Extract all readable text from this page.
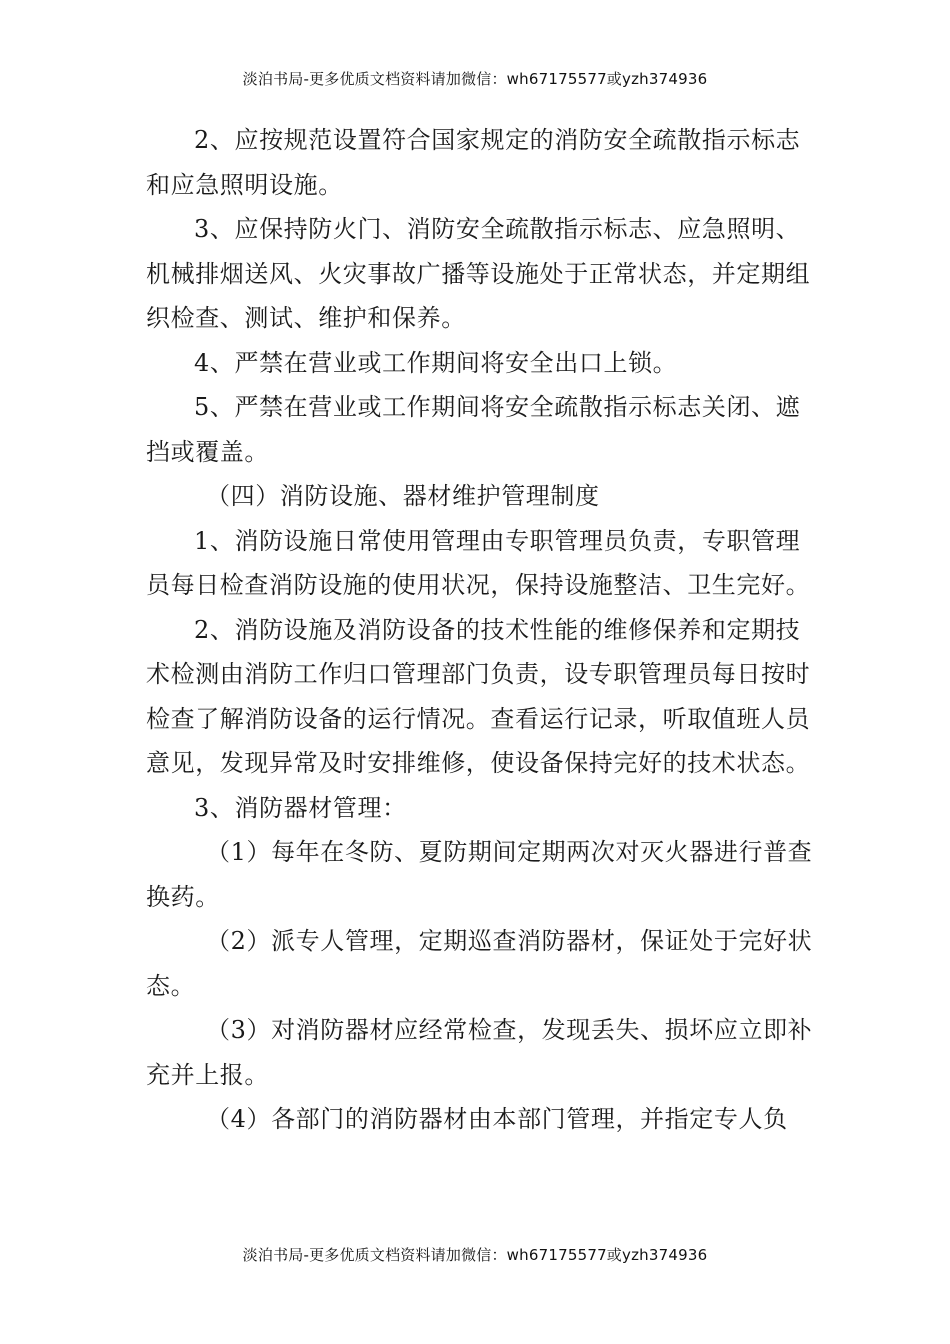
淡泊书局-更多优质文档资料请加微信：wh67175577或yzh374936

2、应按规范设置符合国家规定的消防安全疏散指示标志和应急照明设施。

3、应保持防火门、消防安全疏散指示标志、应急照明、机械排烟送风、火灾事故广播等设施处于正常状态，并定期组织检查、测试、维护和保养。

4、严禁在营业或工作期间将安全出口上锁。

5、严禁在营业或工作期间将安全疏散指示标志关闭、遮挡或覆盖。

（四）消防设施、器材维护管理制度

1、消防设施日常使用管理由专职管理员负责，专职管理员每日检查消防设施的使用状况，保持设施整洁、卫生完好。

2、消防设施及消防设备的技术性能的维修保养和定期技术检测由消防工作归口管理部门负责，设专职管理员每日按时检查了解消防设备的运行情况。查看运行记录，听取值班人员意见，发现异常及时安排维修，使设备保持完好的技术状态。

3、消防器材管理：

（1）每年在冬防、夏防期间定期两次对灭火器进行普查换药。

（2）派专人管理，定期巡查消防器材，保证处于完好状态。

（3）对消防器材应经常检查，发现丢失、损坏应立即补充并上报。

（4）各部门的消防器材由本部门管理，并指定专人负

淡泊书局-更多优质文档资料请加微信：wh67175577或yzh374936
